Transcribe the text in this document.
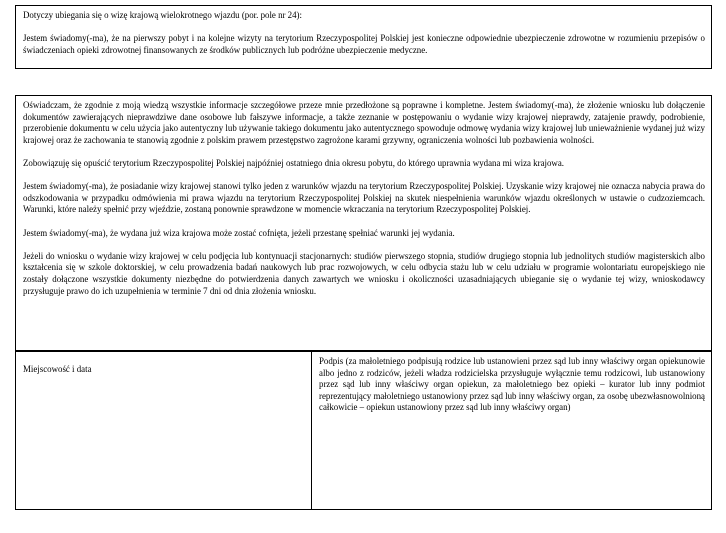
Dotyczy ubiegania się o wizę krajową wielokrotnego wjazdu (por. pole nr 24):

Jestem świadomy(-ma), że na pierwszy pobyt i na kolejne wizyty na terytorium Rzeczypospolitej Polskiej jest konieczne odpowiednie ubezpieczenie zdrowotne w rozumieniu przepisów o świadczeniach opieki zdrowotnej finansowanych ze środków publicznych lub podróżne ubezpieczenie medyczne.

Oświadczam, że zgodnie z moją wiedzą wszystkie informacje szczegółowe przeze mnie przedłożone są poprawne i kompletne. Jestem świadomy(-ma), że złożenie wniosku lub dołączenie dokumentów zawierających nieprawdziwe dane osobowe lub fałszywe informacje, a także zeznanie w postępowaniu o wydanie wizy krajowej nieprawdy, zatajenie prawdy, podrobienie, przerobienie dokumentu w celu użycia jako autentyczny lub używanie takiego dokumentu jako autentycznego spowoduje odmowę wydania wizy krajowej lub unieważnienie wydanej już wizy krajowej oraz że zachowania te stanowią zgodnie z polskim prawem przestępstwo zagrożone karami grzywny, ograniczenia wolności lub pozbawienia wolności.

Zobowiązuję się opuścić terytorium Rzeczypospolitej Polskiej najpóźniej ostatniego dnia okresu pobytu, do którego uprawnia wydana mi wiza krajowa.

Jestem świadomy(-ma), że posiadanie wizy krajowej stanowi tylko jeden z warunków wjazdu na terytorium Rzeczypospolitej Polskiej. Uzyskanie wizy krajowej nie oznacza nabycia prawa do odszkodowania w przypadku odmówienia mi prawa wjazdu na terytorium Rzeczypospolitej Polskiej na skutek niespełnienia warunków wjazdu określonych w ustawie o cudzoziemcach. Warunki, które należy spełnić przy wjeździe, zostaną ponownie sprawdzone w momencie wkraczania na terytorium Rzeczypospolitej Polskiej.

Jestem świadomy(-ma), że wydana już wiza krajowa może zostać cofnięta, jeżeli przestanę spełniać warunki jej wydania.

Jeżeli do wniosku o wydanie wizy krajowej w celu podjęcia lub kontynuacji stacjonarnych: studiów pierwszego stopnia, studiów drugiego stopnia lub jednolitych studiów magisterskich albo kształcenia się w szkole doktorskiej, w celu prowadzenia badań naukowych lub prac rozwojowych, w celu odbycia stażu lub w celu udziału w programie wolontariatu europejskiego nie zostały dołączone wszystkie dokumenty niezbędne do potwierdzenia danych zawartych we wniosku i okoliczności uzasadniających ubieganie się o wydanie tej wizy, wnioskodawcy przysługuje prawo do ich uzupełnienia w terminie 7 dni od dnia złożenia wniosku.

Miejscowość i data

Podpis (za małoletniego podpisują rodzice lub ustanowieni przez sąd lub inny właściwy organ opiekunowie albo jedno z rodziców, jeżeli władza rodzicielska przysługuje wyłącznie temu rodzicowi, lub ustanowiony przez sąd lub inny właściwy organ opiekun, za małoletniego bez opieki – kurator lub inny podmiot reprezentujący małoletniego ustanowiony przez sąd lub inny właściwy organ, za osobę ubezwłasnowolnioną całkowicie – opiekun ustanowiony przez sąd lub inny właściwy organ)
